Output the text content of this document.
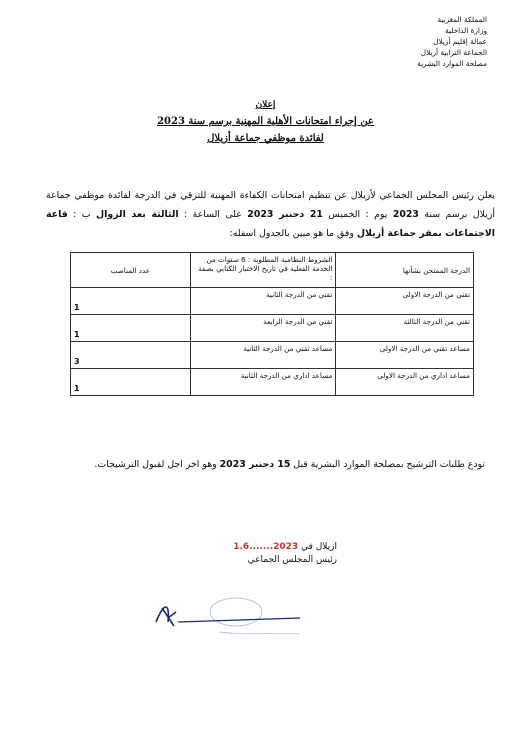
المملكة المغربية
وزارة الداخلية
عمالة إقليم أزيلال
الجماعة الترابية أزيلال
مصلحة الموارد البشرية
إعلان
عن إجراء امتحانات الأهلية المهنية برسم سنة 2023
لفائدة موظفي جماعة أزيلال
يعلن رئيس المجلس الجماعي لأزيلال عن تنظيم امتحانات الكفاءة المهنية للترقي في الدرجة لفائدة موظفي جماعة أزيلال برسم سنة 2023 يوم : الخميس 21 دجنبر 2023 على الساعة : الثالثة بعد الزوال ب : قاعة الاجتماعات بمقر جماعة أزيلال وفق ما هو مبين بالجدول اسفله:
الدرجة الممتحن بشأنها	الشروط النظامية المطلوبة : 6 سنوات من الخدمة الفعلية في تاريخ الاختبار الكتابي بصفة :	عدد المناصب
تقني من الدرجة الاولى	تقني من الدرجة الثانية	1
تقني من الدرجة الثالثة	تقني من الدرجة الرابعة	1
مساعد تقني من الدرجة الاولى	مساعد تقني من الدرجة الثانية	3
مساعد اداري من الدرجة الاولى	مساعد اداري من الدرجة الثانية	1
تودع طلبات الترشيح بمصلحة الموارد البشرية قبل 15 دجنبر 2023 وهو اخر اجل لقبول الترشيحات.
ازيلال في 2023.......1.6
رئيس المجلس الجماعي
